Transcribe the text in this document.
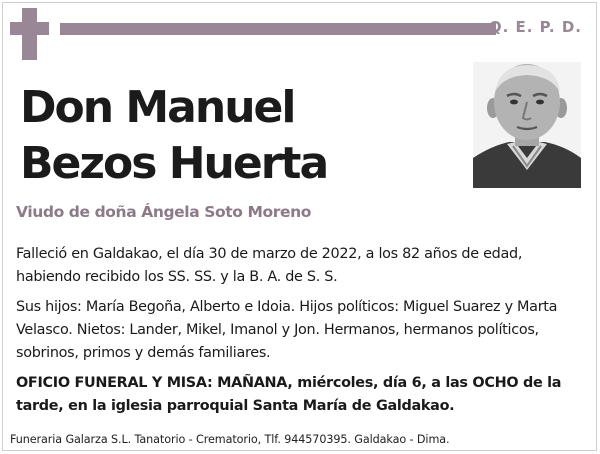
Q. E. P. D.
Don Manuel
Bezos Huerta
Viudo de doña Ángela Soto Moreno

Falleció en Galdakao, el día 30 de marzo de 2022, a los 82 años de edad, habiendo recibido los SS. SS. y la B. A. de S. S.

Sus hijos: María Begoña, Alberto e Idoia. Hijos políticos: Miguel Suarez y Marta Velasco. Nietos: Lander, Mikel, Imanol y Jon. Hermanos, hermanos políticos, sobrinos, primos y demás familiares.

OFICIO FUNERAL Y MISA: MAÑANA, miércoles, día 6, a las OCHO de la tarde, en la iglesia parroquial Santa María de Galdakao.

Funeraria Galarza S.L. Tanatorio - Crematorio, Tlf. 944570395. Galdakao - Dima.
